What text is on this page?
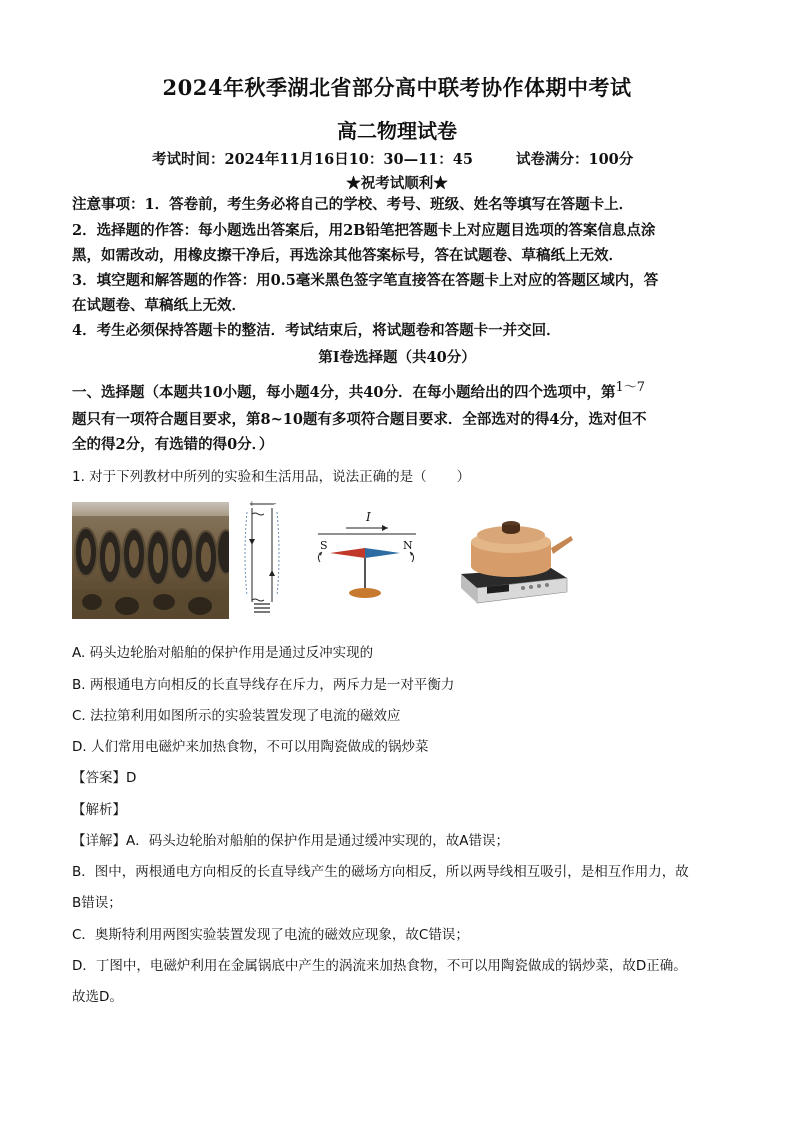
2024年秋季湖北省部分高中联考协作体期中考试
高二物理试卷
考试时间：2024年11月16日10：30—11：45	试卷满分：100分
★祝考试顺利★
注意事项：1．答卷前，考生务必将自己的学校、考号、班级、姓名等填写在答题卡上．
2．选择题的作答：每小题选出答案后，用2B铅笔把答题卡上对应题目选项的答案信息点涂
黑，如需改动，用橡皮擦干净后，再选涂其他答案标号，答在试题卷、草稿纸上无效．
3．填空题和解答题的作答：用0.5毫米黑色签字笔直接答在答题卡上对应的答题区域内，答
在试题卷、草稿纸上无效．
4．考生必须保持答题卡的整洁．考试结束后，将试题卷和答题卡一并交回．
第Ⅰ卷选择题（共40分）
一、选择题（本题共10小题，每小题4分，共40分．在每小题给出的四个选项中，第1～7
题只有一项符合题目要求，第8~10题有多项符合题目要求．全部选对的得4分，选对但不
全的得2分，有选错的得0分．）
1. 对于下列教材中所列的实验和生活用品，说法正确的是（ ）
+ −
I
S	N
A. 码头边轮胎对船舶的保护作用是通过反冲实现的
B. 两根通电方向相反的长直导线存在斥力，两斥力是一对平衡力
C. 法拉第利用如图所示的实验装置发现了电流的磁效应
D. 人们常用电磁炉来加热食物，不可以用陶瓷做成的锅炒菜
【答案】D
【解析】
【详解】A．码头边轮胎对船舶的保护作用是通过缓冲实现的，故A错误；
B．图中，两根通电方向相反的长直导线产生的磁场方向相反，所以两导线相互吸引，是相互作用力，故
B错误；
C．奥斯特利用两图实验装置发现了电流的磁效应现象，故C错误；
D．丁图中，电磁炉利用在金属锅底中产生的涡流来加热食物，不可以用陶瓷做成的锅炒菜，故D正确。
故选D。
